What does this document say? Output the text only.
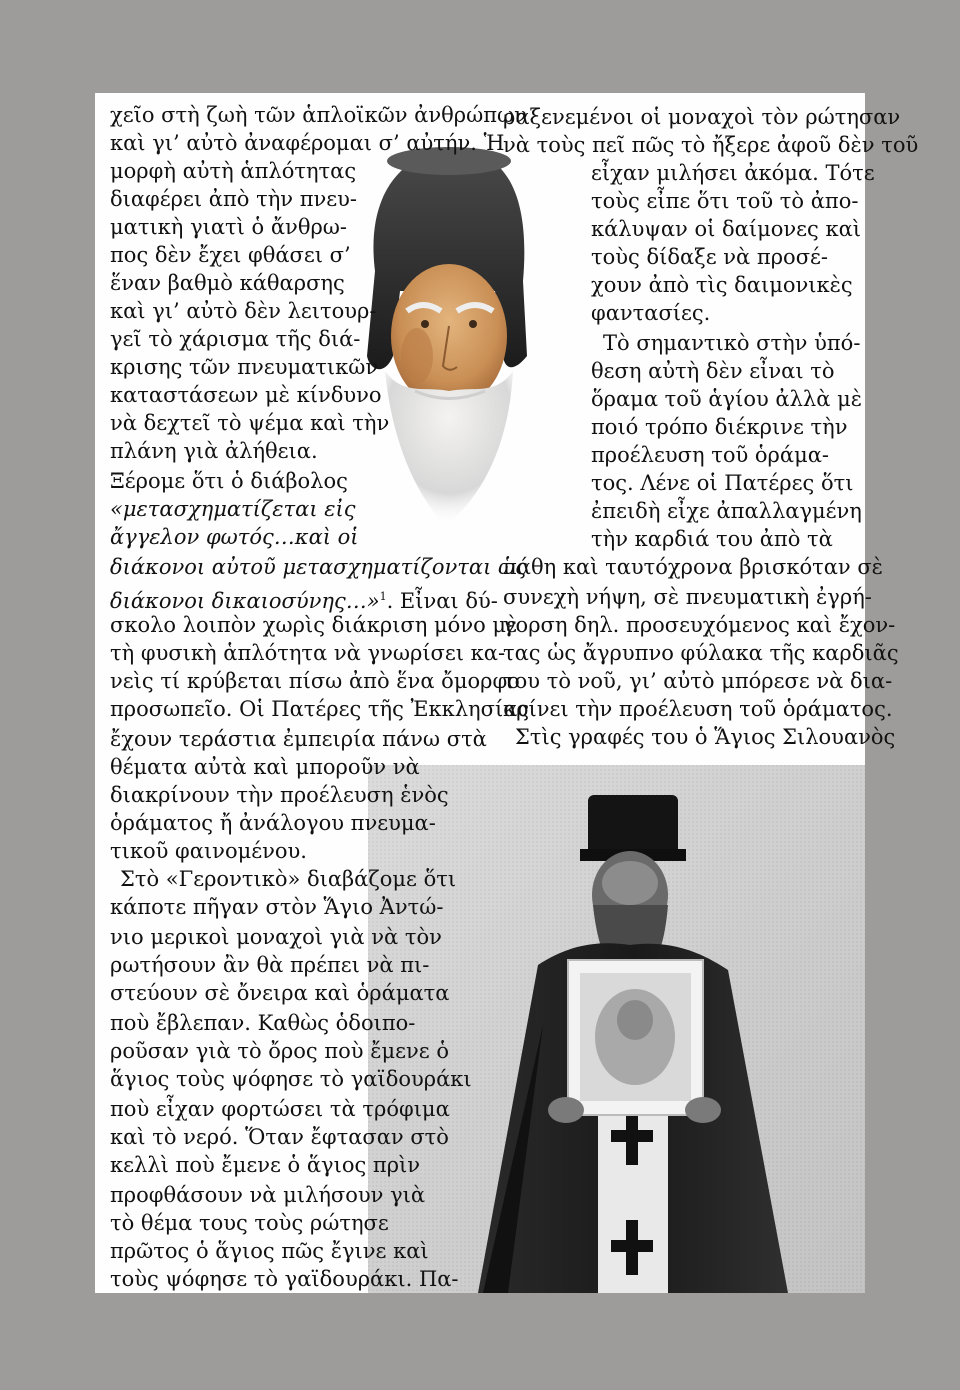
χεῖο στὴ ζωὴ τῶν ἁπλοϊκῶν ἀνθρώπων
καὶ γι’ αὐτὸ ἀναφέρομαι σ’ αὐτήν. Ἡ
μορφὴ αὐτὴ ἁπλότητας
διαφέρει ἀπὸ τὴν πνευ-
ματικὴ γιατὶ ὁ ἄνθρω-
πος δὲν ἔχει φθάσει σ’
ἕναν βαθμὸ κάθαρσης
καὶ γι’ αὐτὸ δὲν λειτουρ-
γεῖ τὸ χάρισμα τῆς διά-
κρισης τῶν πνευματικῶν
καταστάσεων μὲ κίνδυνο
νὰ δεχτεῖ τὸ ψέμα καὶ τὴν
πλάνη γιὰ ἀλήθεια.
Ξέρομε ὅτι ὁ διάβολος
«μετασχηματίζεται εἰς
ἄγγελον φωτός…καὶ οἱ
διάκονοι αὐτοῦ μετασχηματίζονται ὡς
διάκονοι δικαιοσύνης…»$^1$. Εἶναι δύ-
σκολο λοιπὸν χωρὶς διάκριση μόνο μὲ
τὴ φυσικὴ ἁπλότητα νὰ γνωρίσει κα-
νεὶς τί κρύβεται πίσω ἀπὸ ἕνα ὄμορφο
προσωπεῖο. Οἱ Πατέρες τῆς Ἐκκλησίας
ἔχουν τεράστια ἐμπειρία πάνω στὰ
θέματα αὐτὰ καὶ μποροῦν νὰ
διακρίνουν τὴν προέλευση ἑνὸς
ὁράματος ἤ ἀνάλογου πνευμα-
τικοῦ φαινομένου.
Στὸ «Γεροντικὸ» διαβάζομε ὅτι
κάποτε πῆγαν στὸν Ἅγιο Ἀντώ-
νιο μερικοὶ μοναχοὶ γιὰ νὰ τὸν
ρωτήσουν ἂν θὰ πρέπει νὰ πι-
στεύουν σὲ ὄνειρα καὶ ὁράματα
ποὺ ἔβλεπαν. Καθὼς ὁδοιπο-
ροῦσαν γιὰ τὸ ὄρος ποὺ ἔμενε ὁ
ἅγιος τοὺς ψόφησε τὸ γαϊδουράκι
ποὺ εἶχαν φορτώσει τὰ τρόφιμα
καὶ τὸ νερό. Ὅταν ἔφτασαν στὸ
κελλὶ ποὺ ἔμενε ὁ ἅγιος πρὶν
προφθάσουν νὰ μιλήσουν γιὰ
τὸ θέμα τους τοὺς ρώτησε
πρῶτος ὁ ἅγιος πῶς ἔγινε καὶ
τοὺς ψόφησε τὸ γαϊδουράκι. Πα-
ραξενεμένοι οἱ μοναχοὶ τὸν ρώτησαν
νὰ τοὺς πεῖ πῶς τὸ ἤξερε ἀφοῦ δὲν τοῦ
εἶχαν μιλήσει ἀκόμα. Τότε
τοὺς εἶπε ὅτι τοῦ τὸ ἀπο-
κάλυψαν οἱ δαίμονες καὶ
τοὺς δίδαξε νὰ προσέ-
χουν ἀπὸ τὶς δαιμονικὲς
φαντασίες.
Τὸ σημαντικὸ στὴν ὑπό-
θεση αὐτὴ δὲν εἶναι τὸ
ὅραμα τοῦ ἁγίου ἀλλὰ μὲ
ποιό τρόπο διέκρινε τὴν
προέλευση τοῦ ὁράμα-
τος. Λένε οἱ Πατέρες ὅτι
ἐπειδὴ εἶχε ἀπαλλαγμένη
τὴν καρδιά του ἀπὸ τὰ
πάθη καὶ ταυτόχρονα βρισκόταν σὲ
συνεχὴ νήψη, σὲ πνευματικὴ ἐγρή-
γορση δηλ. προσευχόμενος καὶ ἔχον-
τας ὡς ἄγρυπνο φύλακα τῆς καρδιᾶς
του τὸ νοῦ, γι’ αὐτὸ μπόρεσε νὰ δια-
κρίνει τὴν προέλευση τοῦ ὁράματος.
Στὶς γραφές του ὁ Ἅγιος Σιλουανὸς
